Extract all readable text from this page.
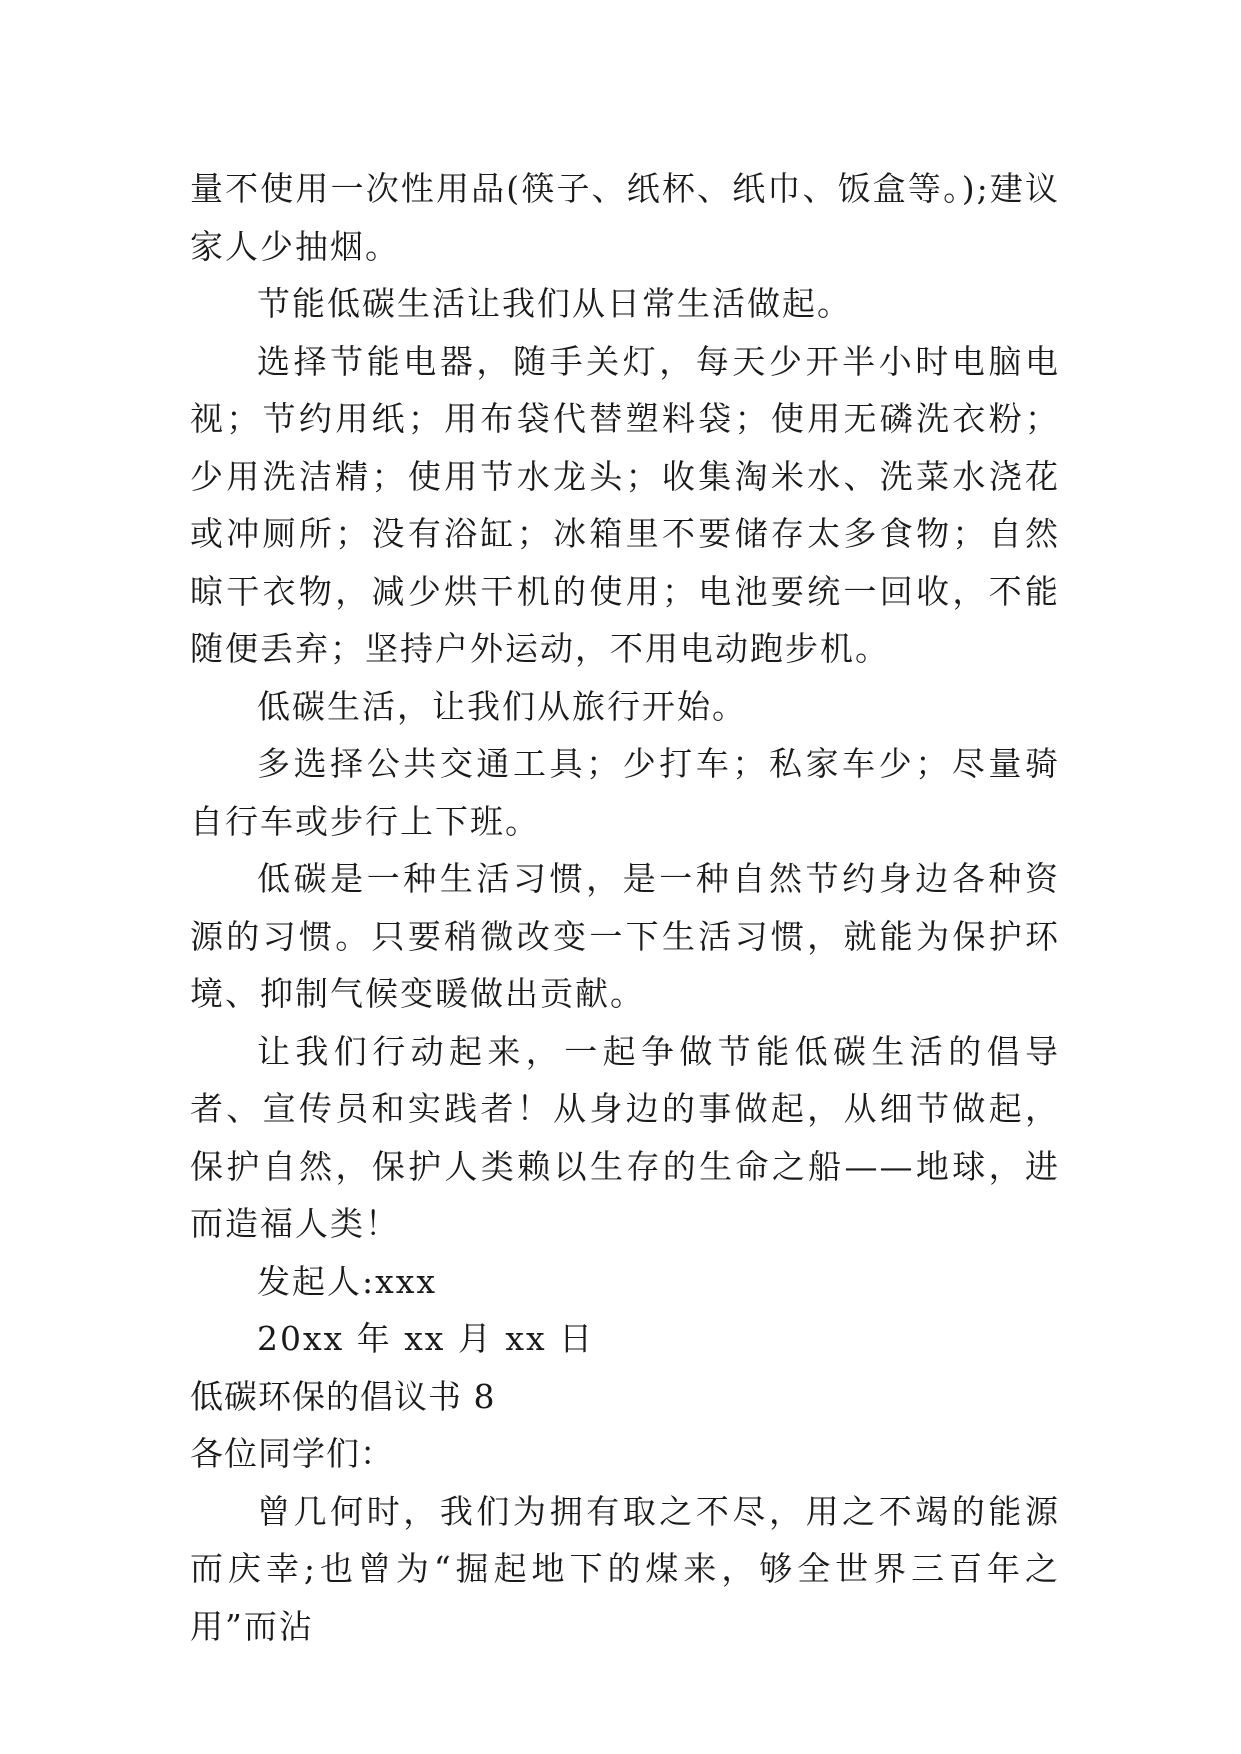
量不使用一次性用品(筷子、纸杯、纸巾、饭盒等。);建议家人少抽烟。

节能低碳生活让我们从日常生活做起。

选择节能电器，随手关灯，每天少开半小时电脑电视；节约用纸；用布袋代替塑料袋；使用无磷洗衣粉；少用洗洁精；使用节水龙头；收集淘米水、洗菜水浇花或冲厕所；没有浴缸；冰箱里不要储存太多食物；自然晾干衣物，减少烘干机的使用；电池要统一回收，不能随便丢弃；坚持户外运动，不用电动跑步机。

低碳生活，让我们从旅行开始。

多选择公共交通工具；少打车；私家车少；尽量骑自行车或步行上下班。

低碳是一种生活习惯，是一种自然节约身边各种资源的习惯。只要稍微改变一下生活习惯，就能为保护环境、抑制气候变暖做出贡献。

让我们行动起来，一起争做节能低碳生活的倡导者、宣传员和实践者！从身边的事做起，从细节做起，保护自然，保护人类赖以生存的生命之船——地球，进而造福人类！

发起人:xxx

20xx 年 xx 月 xx 日

低碳环保的倡议书 8

各位同学们：

曾几何时，我们为拥有取之不尽，用之不竭的能源而庆幸;也曾为“掘起地下的煤来，够全世界三百年之用”而沾
